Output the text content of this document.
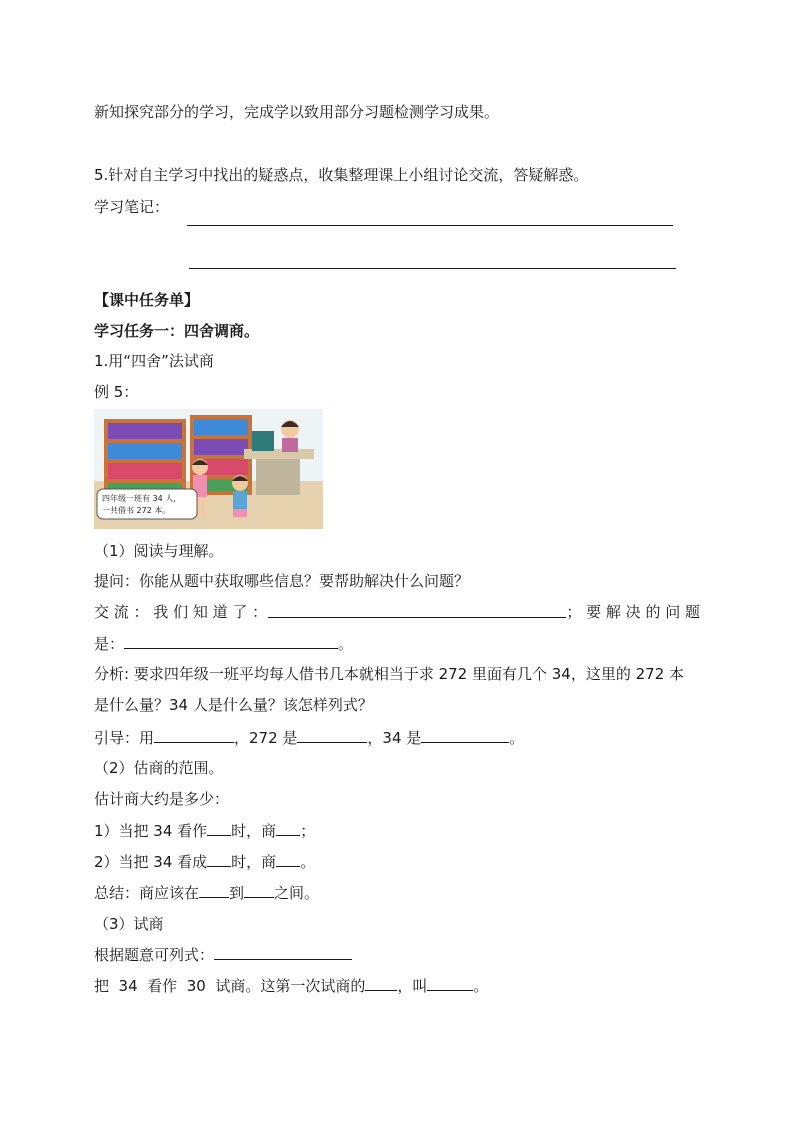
新知探究部分的学习，完成学以致用部分习题检测学习成果。
5.针对自主学习中找出的疑惑点，收集整理课上小组讨论交流，答疑解惑。
学习笔记：
【课中任务单】
学习任务一：四舍调商。
1.用“四舍”法试商
例 5：
四年级一班有 34 人，
一共借书 272 本。
（1）阅读与理解。
提问：你能从题中获取哪些信息？要帮助解决什么问题？
交 流 ： 我 们 知 道 了 ：	； 要 解 决 的 问 题
是：	。
分析: 要求四年级一班平均每人借书几本就相当于求 272 里面有几个 34，这里的 272 本
是什么量？34 人是什么量？该怎样列式？
引导：用	，272 是	，34 是	。
（2）估商的范围。
估计商大约是多少：
1）当把 34 看作 时，商 ；
2）当把 34 看成 时，商 。
总结：商应该在 到 之间。
（3）试商
根据题意可列式：
把  34  看作  30  试商。这第一次试商的 ，叫	。
